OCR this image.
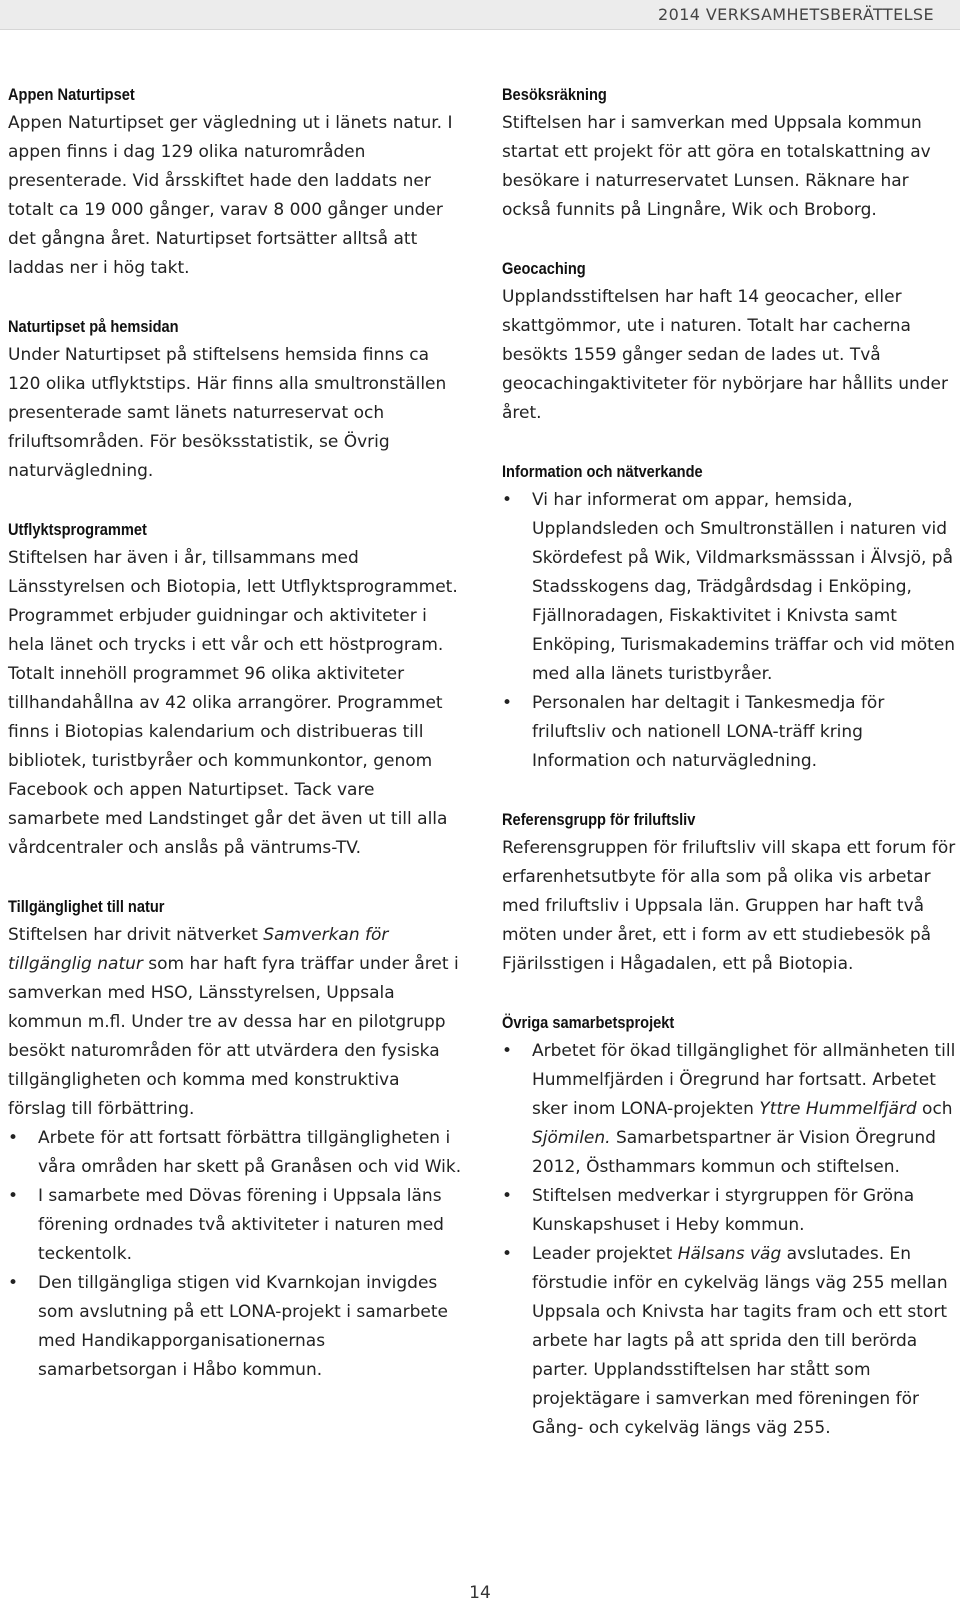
2014 VERKSAMHETSBERÄTTELSE
Appen Naturtipset

Appen Naturtipset ger vägledning ut i länets natur. I appen finns i dag 129 olika naturområden presenterade. Vid årsskiftet hade den laddats ner totalt ca 19 000 gånger, varav 8 000 gånger under det gångna året. Naturtipset fortsätter alltså att laddas ner i hög takt.

Naturtipset på hemsidan

Under Naturtipset på stiftelsens hemsida finns ca 120 olika utflyktstips. Här finns alla smultronställen presenterade samt länets naturreservat och friluftsområden. För besöksstatistik, se Övrig naturvägledning.

Utflyktsprogrammet

Stiftelsen har även i år, tillsammans med Länsstyrelsen och Biotopia, lett Utflyktsprogrammet. Programmet erbjuder guidningar och aktiviteter i hela länet och trycks i ett vår och ett höstprogram. Totalt innehöll programmet 96 olika aktiviteter tillhandahållna av 42 olika arrangörer. Programmet finns i Biotopias kalendarium och distribueras till bibliotek, turistbyråer och kommunkontor, genom Facebook och appen Naturtipset. Tack vare samarbete med Landstinget går det även ut till alla vårdcentraler och anslås på väntrums-TV.

Tillgänglighet till natur

Stiftelsen har drivit nätverket Samverkan för tillgänglig natur som har haft fyra träffar under året i samverkan med HSO, Länsstyrelsen, Uppsala kommun m.fl. Under tre av dessa har en pilotgrupp besökt naturområden för att utvärdera den fysiska tillgängligheten och komma med konstruktiva förslag till förbättring.

• Arbete för att fortsatt förbättra tillgängligheten i våra områden har skett på Granåsen och vid Wik.
• I samarbete med Dövas förening i Uppsala läns förening ordnades två aktiviteter i naturen med teckentolk.
• Den tillgängliga stigen vid Kvarnkojan invigdes som avslutning på ett LONA-projekt i samarbete med Handikapporganisationernas samarbetsorgan i Håbo kommun.
Besöksräkning

Stiftelsen har i samverkan med Uppsala kommun startat ett projekt för att göra en totalskattning av besökare i naturreservatet Lunsen. Räknare har också funnits på Lingnåre, Wik och Broborg.

Geocaching

Upplandsstiftelsen har haft 14 geocacher, eller skattgömmor, ute i naturen. Totalt har cacherna besökts 1559 gånger sedan de lades ut. Två geocachingaktiviteter för nybörjare har hållits under året.

Information och nätverkande
• Vi har informerat om appar, hemsida, Upplandsleden och Smultronställen i naturen vid Skördefest på Wik, Vildmarksmässsan i Älvsjö, på Stadsskogens dag, Trädgårdsdag i Enköping, Fjällnoradagen, Fiskaktivitet i Knivsta samt Enköping, Turismakademins träffar och vid möten med alla länets turistbyråer.
• Personalen har deltagit i Tankesmedja för friluftsliv och nationell LONA-träff kring Information och naturvägledning.
Referensgrupp för friluftsliv

Referensgruppen för friluftsliv vill skapa ett forum för erfarenhetsutbyte för alla som på olika vis arbetar med friluftsliv i Uppsala län. Gruppen har haft två möten under året, ett i form av ett studiebesök på Fjärilsstigen i Hågadalen, ett på Biotopia.

Övriga samarbetsprojekt
• Arbetet för ökad tillgänglighet för allmänheten till Hummelfjärden i Öregrund har fortsatt. Arbetet sker inom LONA-projekten Yttre Hummelfjärd och Sjömilen. Samarbetspartner är Vision Öregrund 2012, Östhammars kommun och stiftelsen.
• Stiftelsen medverkar i styrgruppen för Gröna Kunskapshuset i Heby kommun.
• Leader projektet Hälsans väg avslutades. En förstudie inför en cykelväg längs väg 255 mellan Uppsala och Knivsta har tagits fram och ett stort arbete har lagts på att sprida den till berörda parter. Upplandsstiftelsen har stått som projektägare i samverkan med föreningen för Gång- och cykelväg längs väg 255.
14
